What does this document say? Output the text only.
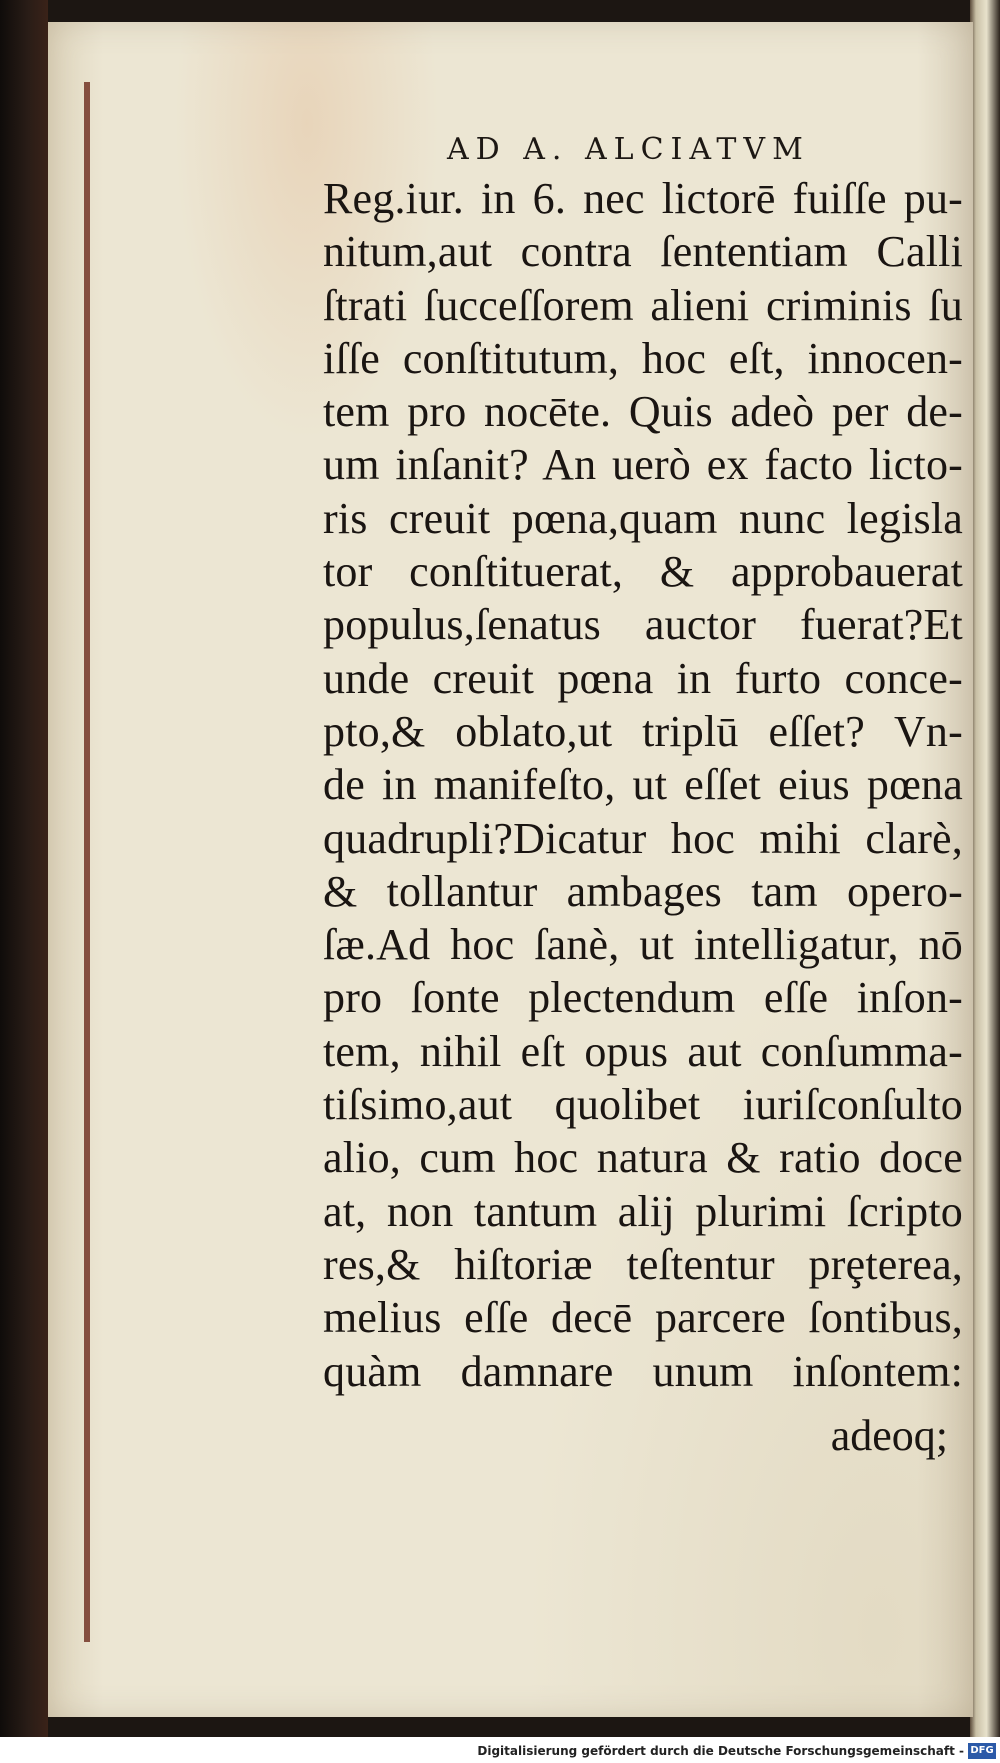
AD A. ALCIATVM
Reg.iur. in 6. nec lictorē fuiſſe pu-
nitum,aut contra ſententiam Calli
ſtrati ſucceſſorem alieni criminis ſu
iſſe conſtitutum, hoc eſt, innocen-
tem pro nocēte. Quis adeò per de-
um inſanit? An uerò ex facto licto-
ris creuit pœna,quam nunc legisla
tor conſtituerat, & approbauerat
populus,ſenatus auctor fuerat?Et
unde creuit pœna in furto conce-
pto,& oblato,ut triplū eſſet? Vn-
de in manifeſto, ut eſſet eius pœna
quadrupli?Dicatur hoc mihi clarè,
& tollantur ambages tam opero-
ſæ.Ad hoc ſanè, ut intelligatur, nō
pro ſonte plectendum eſſe inſon-
tem, nihil eſt opus aut conſumma-
tiſsimo,aut quolibet iuriſconſulto
alio, cum hoc natura & ratio doce
at, non tantum alij plurimi ſcripto
res,& hiſtoriæ teſtentur prȩterea,
melius eſſe decē parcere ſontibus,
quàm damnare unum inſontem:
adeoq;
Digitalisierung gefördert durch die Deutsche Forschungsgemeinschaft - DFG
